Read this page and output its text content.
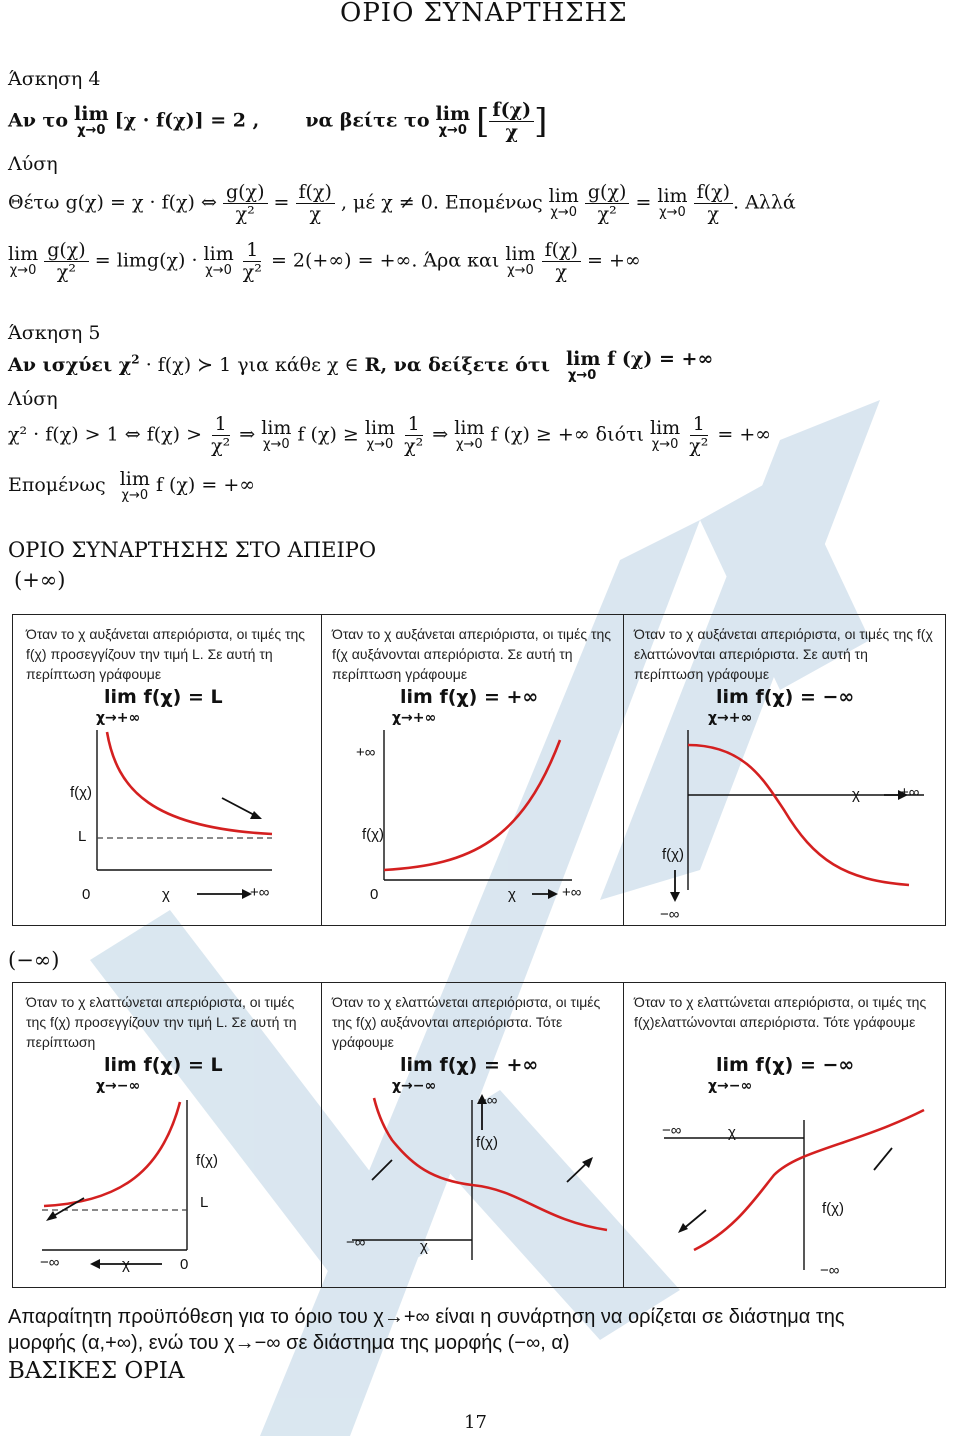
ΟΡΙΟ ΣΥΝΑΡΤΗΣΗΣ
Άσκηση 4
Αν το lim
χ→0 [χ · f(χ)] = 2 , να βείτε το lim
χ→0 [ $\frac{f(\chi)}{\chi}$ ]
Λύση
Θέτω g(χ) = χ · f(χ) ⇔ $\frac{g(\chi)}{\text{χ²}} = \frac{f(\chi)}{\chi}$ , μέ χ ≠ 0. Επομένως lim
χ→0
$\frac{g(\chi)}{\text{χ²}} = \lim$
χ→0
$\frac{f(\chi)}{\chi}$ . Αλλά
lim
χ→0
$\frac{g(\chi)}{\text{χ²}} = \lim g(\chi) \cdot \lim$
χ→0
$\frac{1}{\text{χ²}} = 2(+\infty)$ = +∞. Άρα και lim
χ→0
$\frac{f(\chi)}{\chi}$ = +∞
Άσκηση 5
Αν ισχύει $\chi^2 \cdot f(\chi)$ ≻ 1 για κάθε χ ∈ R, να δείξετε ότι lim f (χ) = +∞
χ→0
Λύση
χ² · f(χ) > 1 ⇔ $f(\chi) > \frac{1}{\text{χ²}}$ ⇒ lim
χ→0 f (χ) ≥ lim
χ→0
$\frac{1}{\text{χ²}}$ ⇒ lim
χ→0 f (χ) ≥ +∞ διότι lim
χ→0
$\frac{1}{\text{χ²}}$ = +∞
Επομένως lim
χ→0 f (χ) = +∞
ΟΡΙΟ ΣΥΝΑΡΤΗΣΗΣ ΣΤΟ ΑΠΕΙΡΟ
(+∞)
Όταν το χ αυξάνεται απεριόριστα, οι τιμές της f(χ) προσεγγίζουν την τιμή L. Σε αυτή τη περίπτωση γράφουμε
Όταν το χ αυξάνεται απεριόριστα, οι τιμές της f(χ αυξάνονται απεριόριστα. Σε αυτή τη περίπτωση γράφουμε
Όταν το χ αυξάνεται απεριόριστα, οι τιμές της f(χ ελαττώνονται απεριόριστα. Σε αυτή τη περίπτωση γράφουμε
lim f(χ) = L
χ→+∞
lim f(χ) = +∞
χ→+∞
lim f(χ) = −∞
χ→+∞
f(χ)
L
0	χ	+∞
+∞
f(χ)
0	χ	+∞
χ	+∞
f(χ)
−∞
(−∞)
Όταν το χ ελαττώνεται απεριόριστα, οι τιμές της f(χ) προσεγγίζουν την τιμή L. Σε αυτή τη περίπτωση
Όταν το χ ελαττώνεται απεριόριστα, οι τιμές της f(χ) αυξάνονται απεριόριστα. Τότε γράφουμε
Όταν το χ ελαττώνεται απεριόριστα, οι τιμές της f(χ)ελαττώνονται απεριόριστα. Τότε γράφουμε
lim f(χ) = L
χ→−∞
lim f(χ) = +∞
χ→−∞
lim f(χ) = −∞
χ→−∞
f(χ)
L
−∞	χ	0
+∞
f(χ)
−∞	χ
−∞	χ
f(χ)
−∞
Απαραίτητη προϋπόθεση για το όριο του χ→+∞ είναι η συνάρτηση να ορίζεται σε διάστημα της
μορφής (α,+∞), ενώ του χ→−∞ σε διάστημα της μορφής (−∞, α)
ΒΑΣΙΚΕΣ ΟΡΙΑ
17
